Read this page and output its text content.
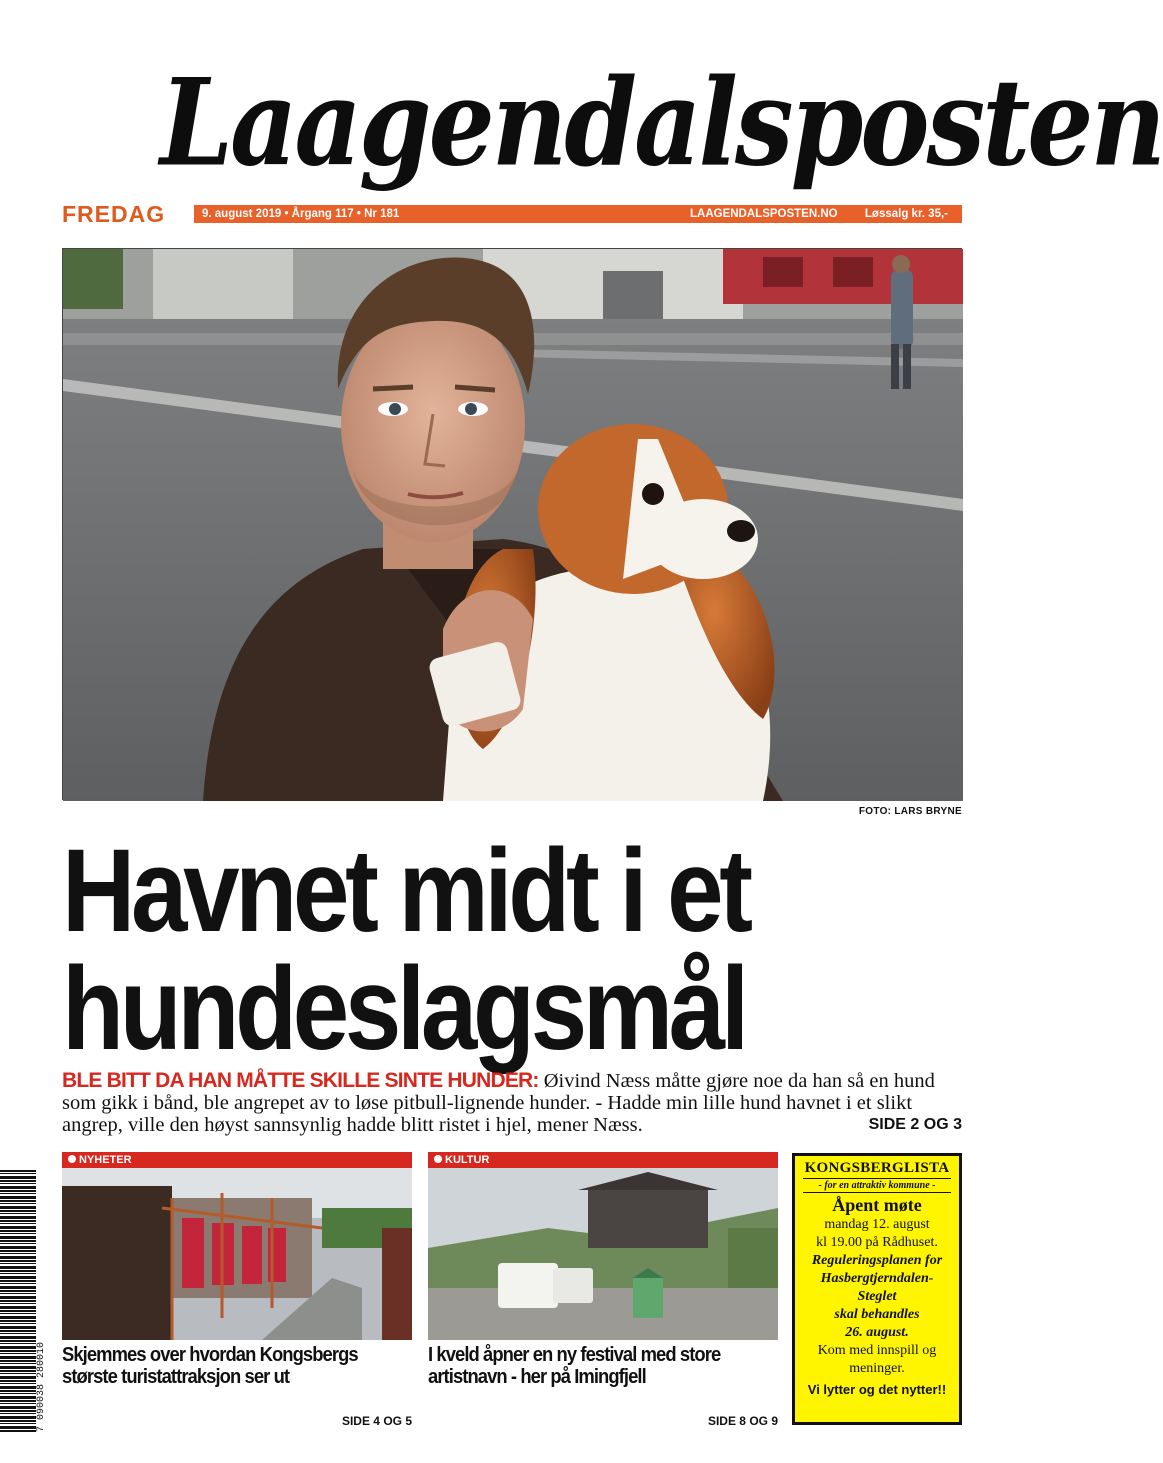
Laagendalsposten
FREDAG	9. august 2019 • Årgang 117 • Nr 181	LAAGENDALSPOSTEN.NO Løssalg kr. 35,-
FOTO: LARS BRYNE
Havnet midt i et
hundeslagsmål
BLE BITT DA HAN MÅTTE SKILLE SINTE HUNDER: Øivind Næss måtte gjøre noe da han så en hund som gikk i bånd, ble angrepet av to løse pitbull-lignende hunder. - Hadde min lille hund havnet i et slikt angrep, ville den høyst sannsynlig hadde blitt ristet i hjel, mener Næss.	SIDE 2 OG 3
NYHETER
Skjemmes over hvordan Kongsbergs største turistattraksjon ser ut
SIDE 4 OG 5
KULTUR
I kveld åpner en ny festival med store artistnavn - her på Imingfjell
SIDE 8 OG 9
KONGSBERGLISTA
- for en attraktiv kommune -
Åpent møte
mandag 12. august
kl 19.00 på Rådhuset.
Reguleringsplanen for
Hasbergtjerndalen-
Steglet
skal behandles
26. august.
Kom med innspill og
meninger.
Vi lytter og det nytter!!
7 090038 280010
